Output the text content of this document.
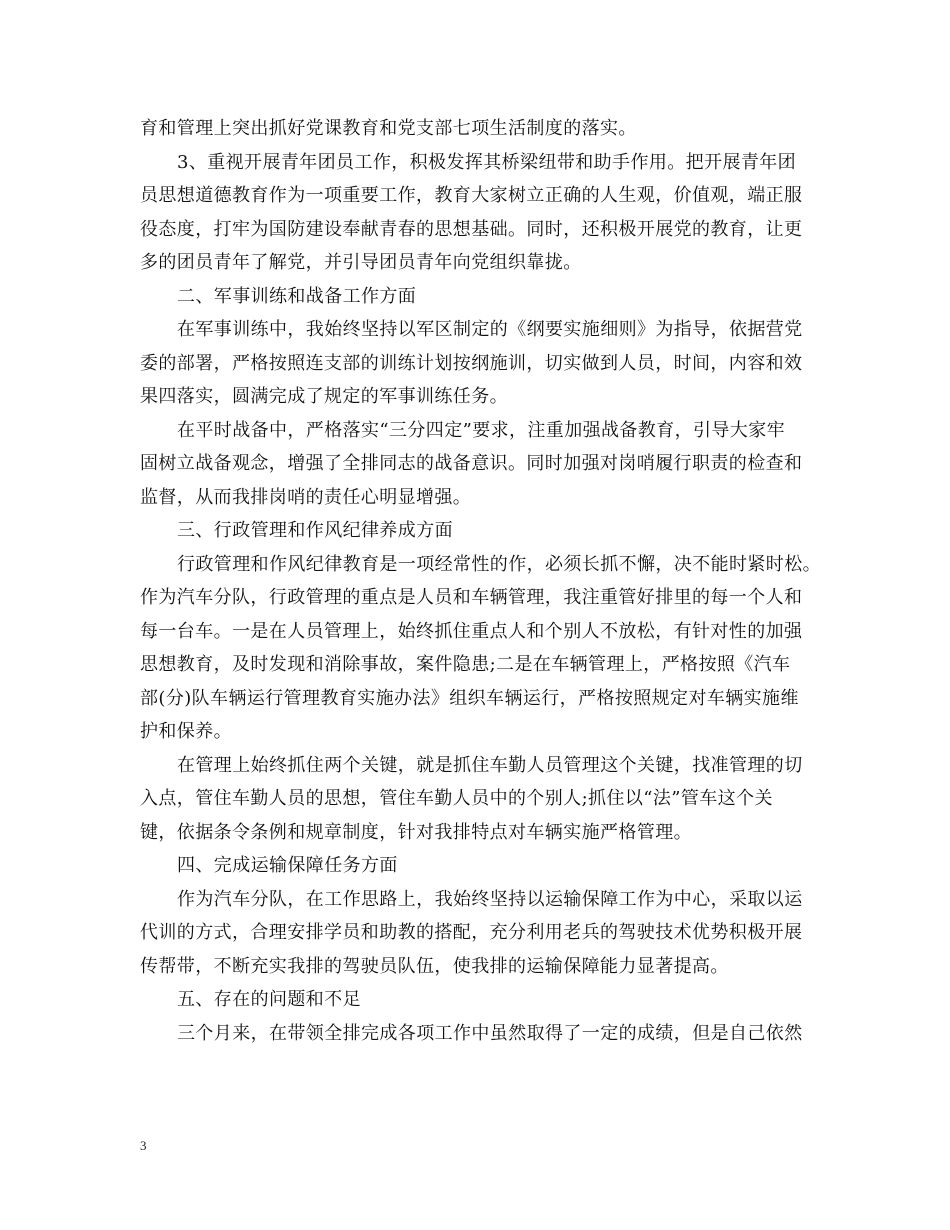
育和管理上突出抓好党课教育和党支部七项生活制度的落实。
3、重视开展青年团员工作，积极发挥其桥梁纽带和助手作用。把开展青年团
员思想道德教育作为一项重要工作，教育大家树立正确的人生观，价值观，端正服
役态度，打牢为国防建设奉献青春的思想基础。同时，还积极开展党的教育，让更
多的团员青年了解党，并引导团员青年向党组织靠拢。
二、军事训练和战备工作方面
在军事训练中，我始终坚持以军区制定的《纲要实施细则》为指导，依据营党
委的部署，严格按照连支部的训练计划按纲施训，切实做到人员，时间，内容和效
果四落实，圆满完成了规定的军事训练任务。
在平时战备中，严格落实“三分四定”要求，注重加强战备教育，引导大家牢
固树立战备观念，增强了全排同志的战备意识。同时加强对岗哨履行职责的检查和
监督，从而我排岗哨的责任心明显增强。
三、行政管理和作风纪律养成方面
行政管理和作风纪律教育是一项经常性的作，必须长抓不懈，决不能时紧时松。
作为汽车分队，行政管理的重点是人员和车辆管理，我注重管好排里的每一个人和
每一台车。一是在人员管理上，始终抓住重点人和个别人不放松，有针对性的加强
思想教育，及时发现和消除事故，案件隐患;二是在车辆管理上，严格按照《汽车
部(分)队车辆运行管理教育实施办法》组织车辆运行，严格按照规定对车辆实施维
护和保养。
在管理上始终抓住两个关键，就是抓住车勤人员管理这个关键，找准管理的切
入点，管住车勤人员的思想，管住车勤人员中的个别人;抓住以“法”管车这个关
键，依据条令条例和规章制度，针对我排特点对车辆实施严格管理。
四、完成运输保障任务方面
作为汽车分队，在工作思路上，我始终坚持以运输保障工作为中心，采取以运
代训的方式，合理安排学员和助教的搭配，充分利用老兵的驾驶技术优势积极开展
传帮带，不断充实我排的驾驶员队伍，使我排的运输保障能力显著提高。
五、存在的问题和不足
三个月来，在带领全排完成各项工作中虽然取得了一定的成绩，但是自己依然
3
